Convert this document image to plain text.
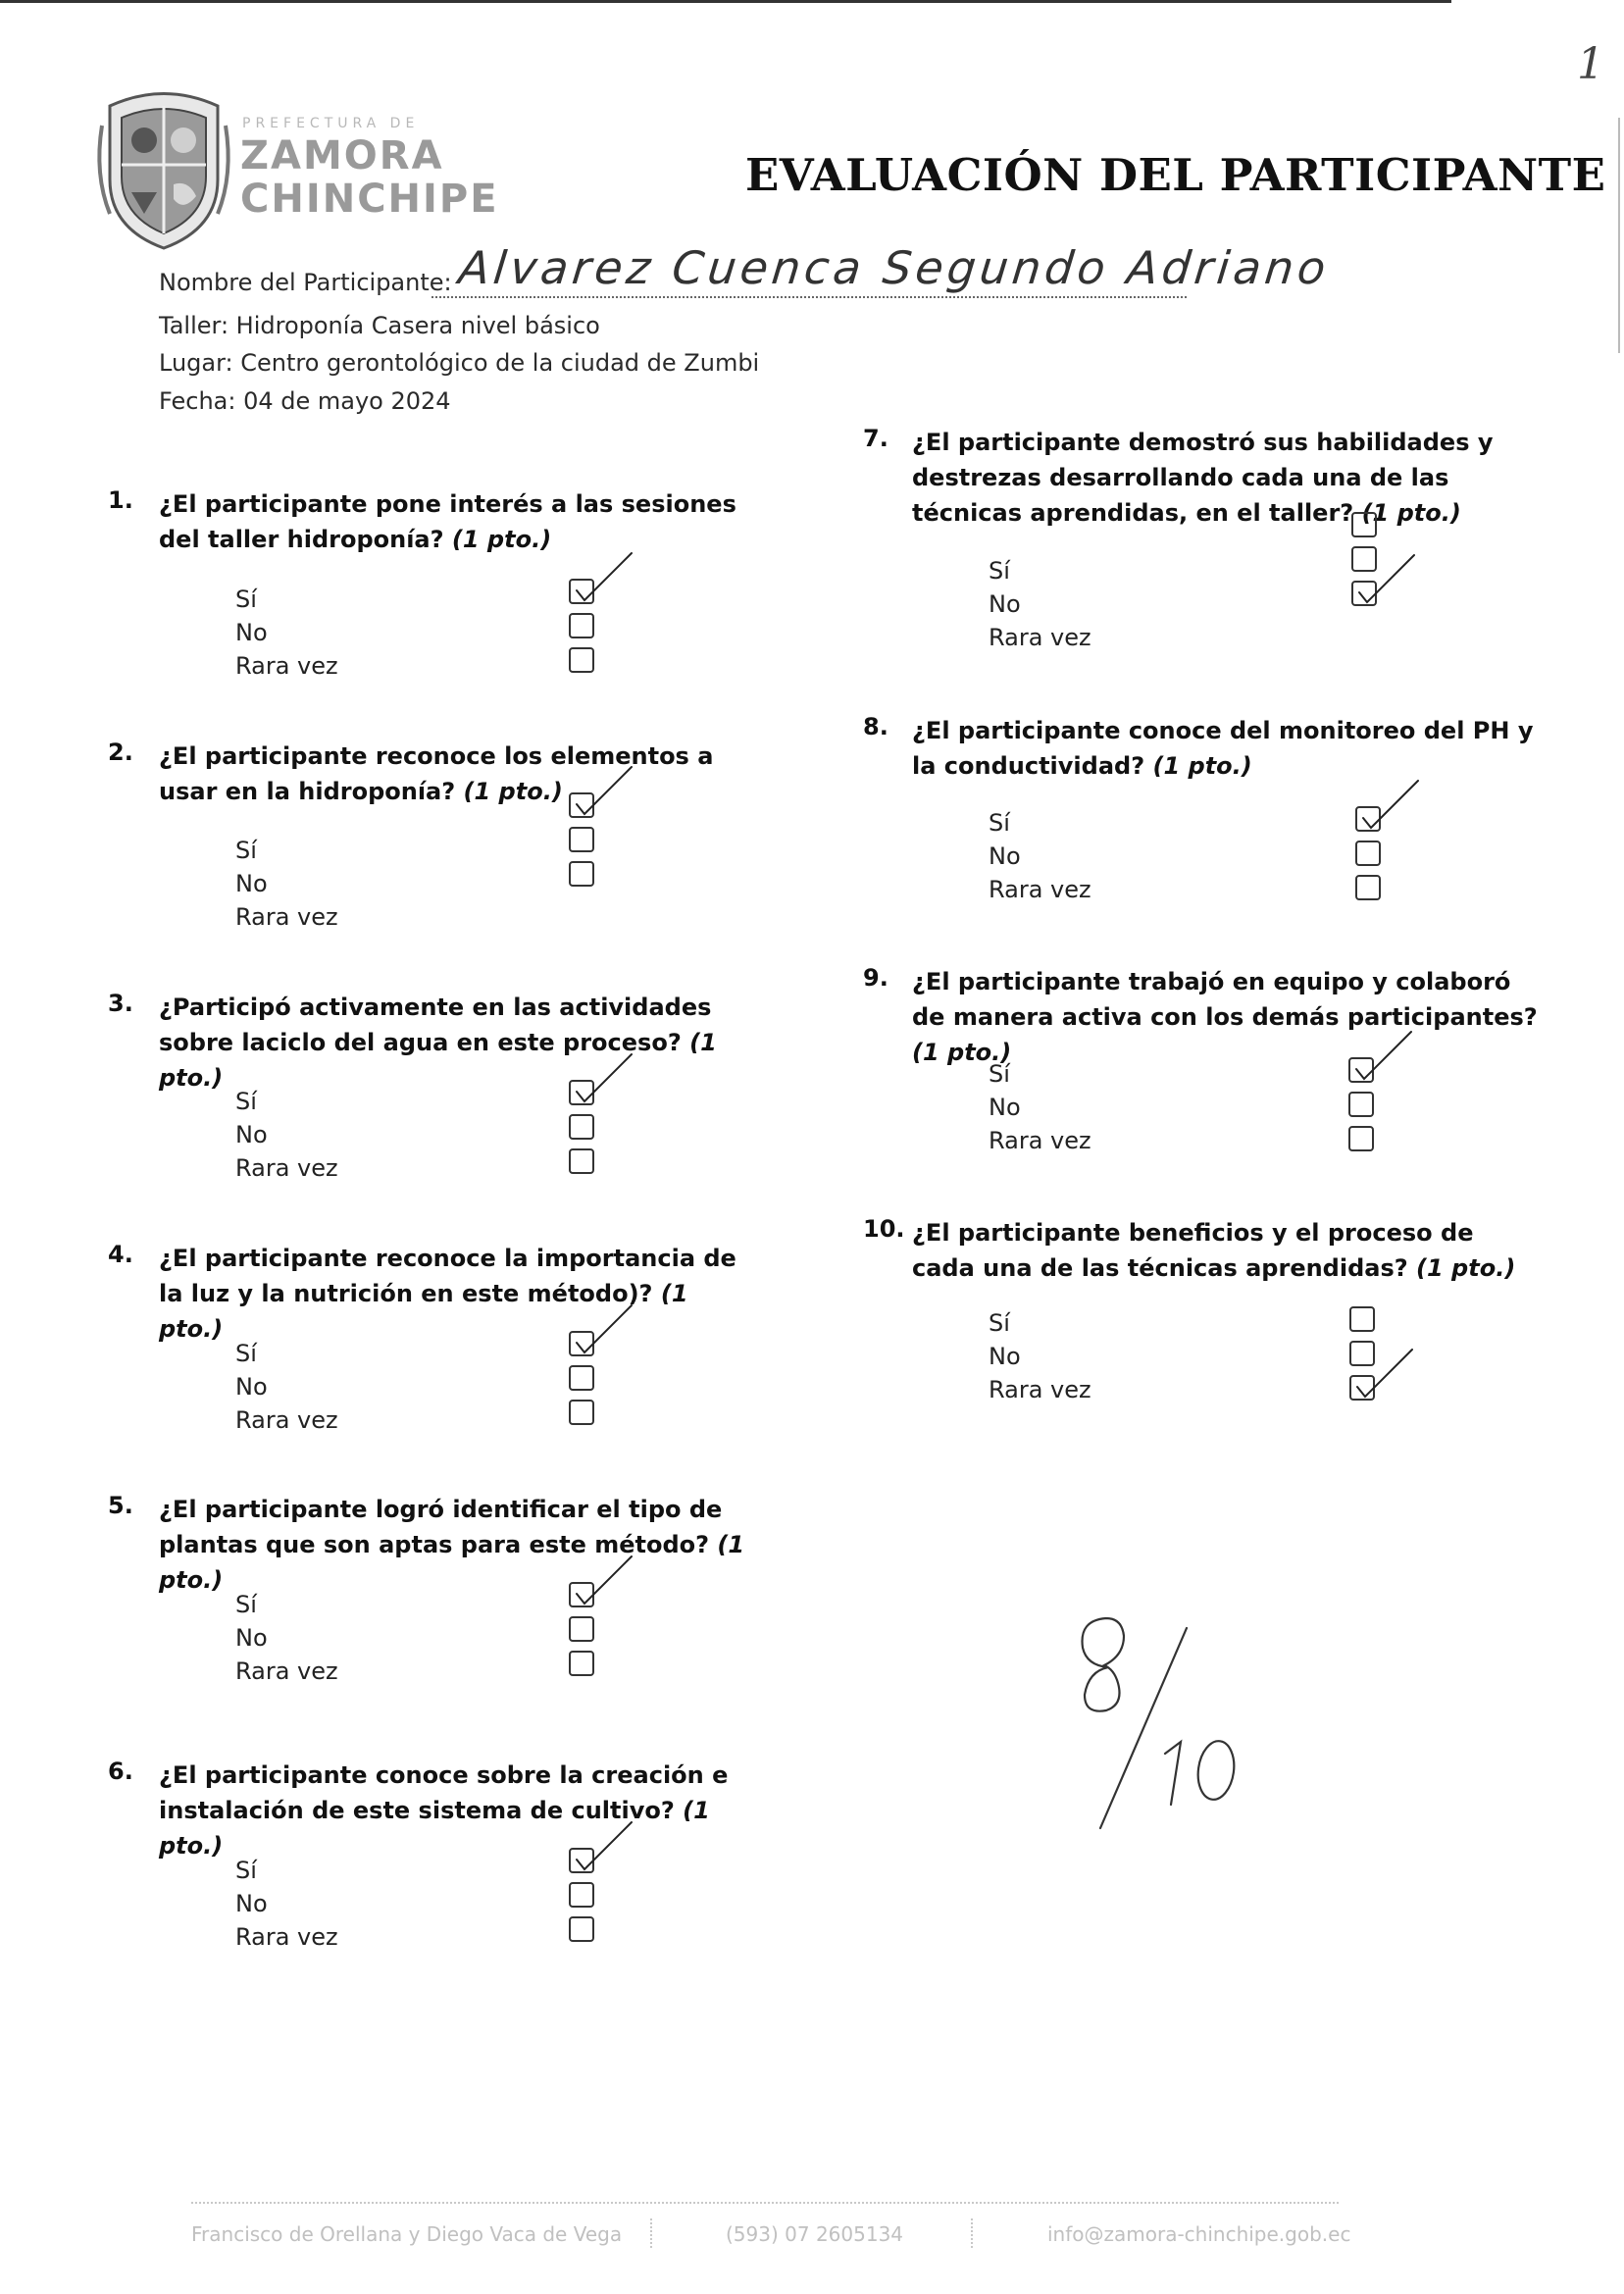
1
PREFECTURA DE
ZAMORA
CHINCHIPE	EVALUACIÓN DEL PARTICIPANTE
Nombre del Participante: Alvarez Cuenca Segundo Adriano
Taller: Hidroponía Casera nivel básico
Lugar: Centro gerontológico de la ciudad de Zumbi
Fecha: 04 de mayo 2024
1. ¿El participante pone interés a las sesiones del taller hidroponía? (1 pto.)
Sí
No
Rara vez
2. ¿El participante reconoce los elementos a usar en la hidroponía? (1 pto.)
Sí
No
Rara vez
3. ¿Participó activamente en las actividades sobre laciclo del agua en este proceso? (1 pto.)
Sí
No
Rara vez
4. ¿El participante reconoce la importancia de la luz y la nutrición en este método)? (1 pto.)
Sí
No
Rara vez
5. ¿El participante logró identificar el tipo de plantas que son aptas para este método? (1 pto.)
Sí
No
Rara vez
6. ¿El participante conoce sobre la creación e instalación de este sistema de cultivo? (1 pto.)
Sí
No
Rara vez
7. ¿El participante demostró sus habilidades y destrezas desarrollando cada una de las técnicas aprendidas, en el taller? (1 pto.)
Sí
No
Rara vez
8. ¿El participante conoce del monitoreo del PH y la conductividad? (1 pto.)
Sí
No
Rara vez
9. ¿El participante trabajó en equipo y colaboró de manera activa con los demás participantes? (1 pto.)
Sí
No
Rara vez
10. ¿El participante beneficios y el proceso de cada una de las técnicas aprendidas? (1 pto.)
Sí
No
Rara vez
8/10
Francisco de Orellana y Diego Vaca de Vega	(593) 07 2605134	info@zamora-chinchipe.gob.ec
